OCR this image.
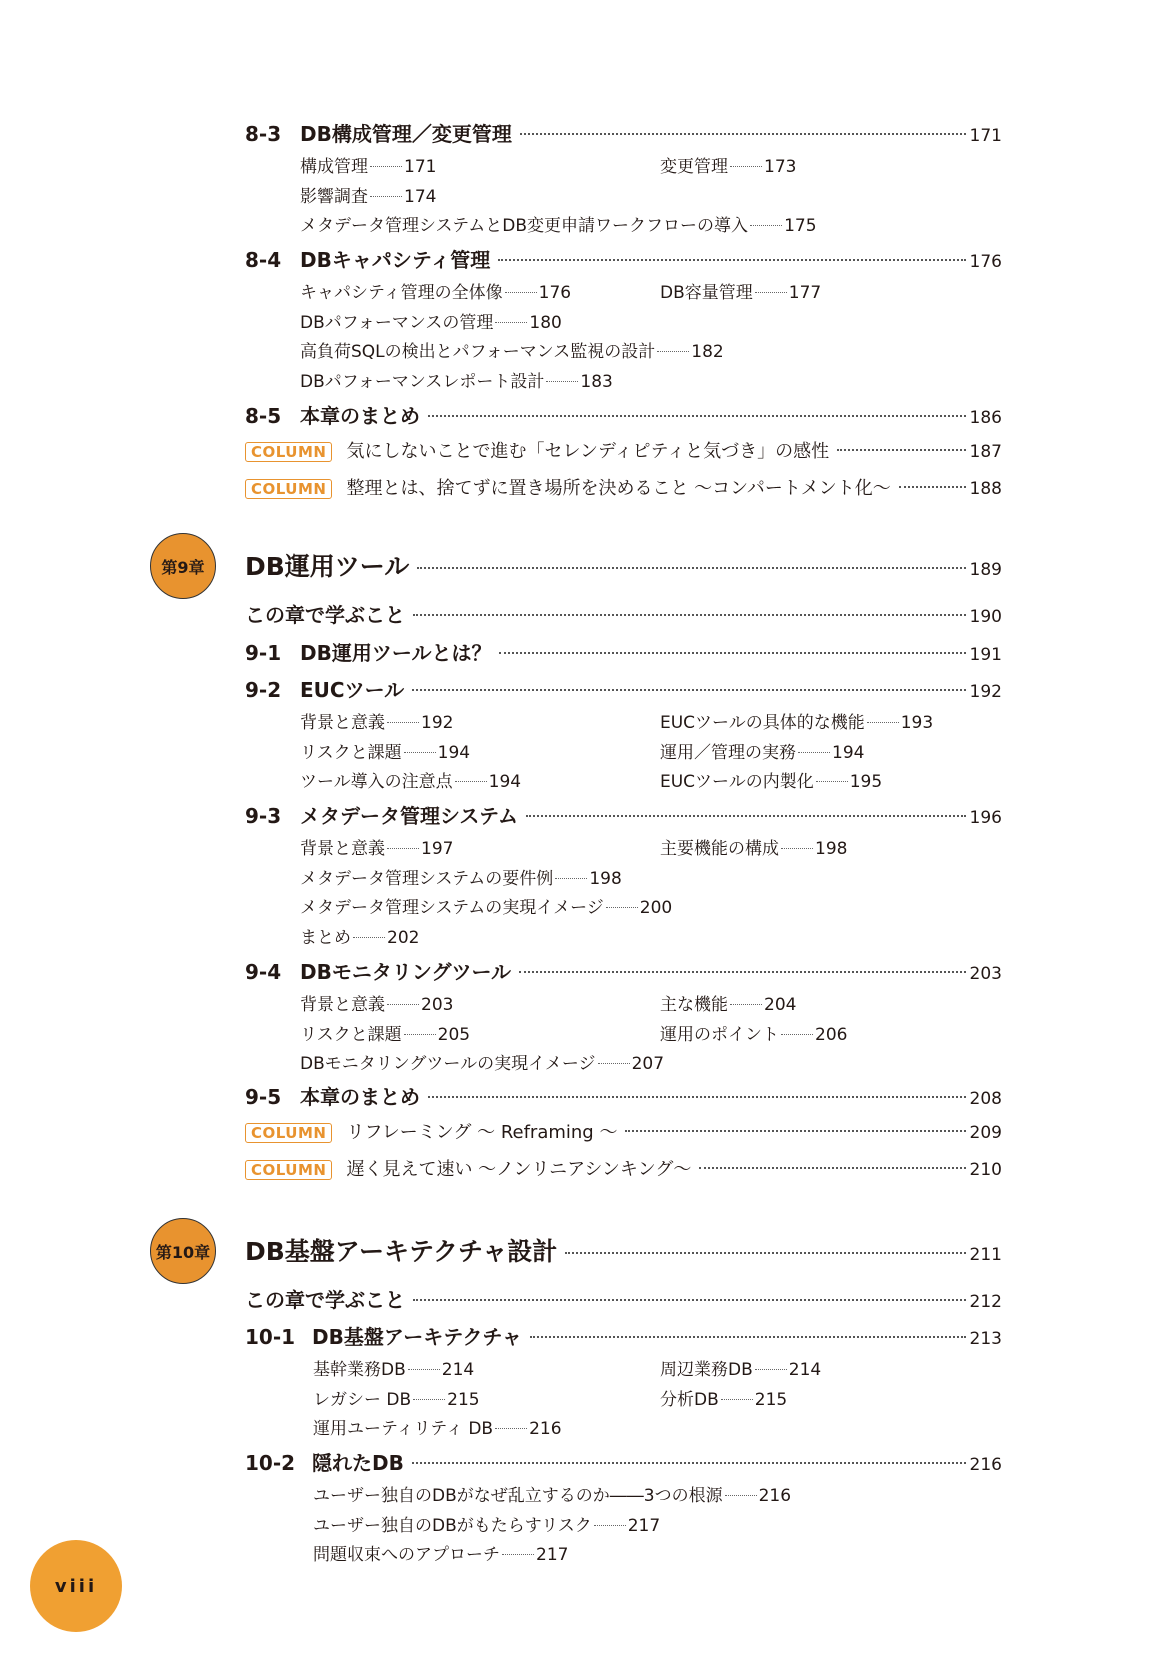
第9章 DB運用ツール	189
第10章 DB基盤アーキテクチャ設計	211
8-3 DB構成管理／変更管理	171
8-4 DBキャパシティ管理	176
8-5 本章のまとめ	186
この章で学ぶこと	190
9-1 DB運用ツールとは？	191
9-2 EUCツール	192
9-3 メタデータ管理システム	196
9-4 DBモニタリングツール	203
9-5 本章のまとめ	208
この章で学ぶこと	212
10-1 DB基盤アーキテクチャ	213
10-2 隠れたDB	216
構成管理 171	変更管理 173
影響調査 174
メタデータ管理システムとDB変更申請ワークフローの導入 175
キャパシティ管理の全体像 176	DB容量管理 177
DBパフォーマンスの管理 180
高負荷SQLの検出とパフォーマンス監視の設計 182
DBパフォーマンスレポート設計 183
背景と意義 192	EUCツールの具体的な機能 193
リスクと課題 194	運用／管理の実務 194
ツール導入の注意点 194	EUCツールの内製化 195
背景と意義 197	主要機能の構成 198
メタデータ管理システムの要件例 198
メタデータ管理システムの実現イメージ 200
まとめ 202
背景と意義 203	主な機能 204
リスクと課題 205	運用のポイント 206
DBモニタリングツールの実現イメージ 207
基幹業務DB 214	周辺業務DB 214
レガシー DB 215	分析DB 215
運用ユーティリティ DB 216
ユーザー独自のDBがなぜ乱立するのか――3つの根源 216
ユーザー独自のDBがもたらすリスク 217
問題収束へのアプローチ 217
COLUMN	気にしないことで進む「セレンディピティと気づき」の感性	187
COLUMN	整理とは、捨てずに置き場所を決めること ～コンパートメント化～	188
COLUMN	リフレーミング ～ Reframing ～	209
COLUMN	遅く見えて速い ～ノンリニアシンキング～	210
viii
